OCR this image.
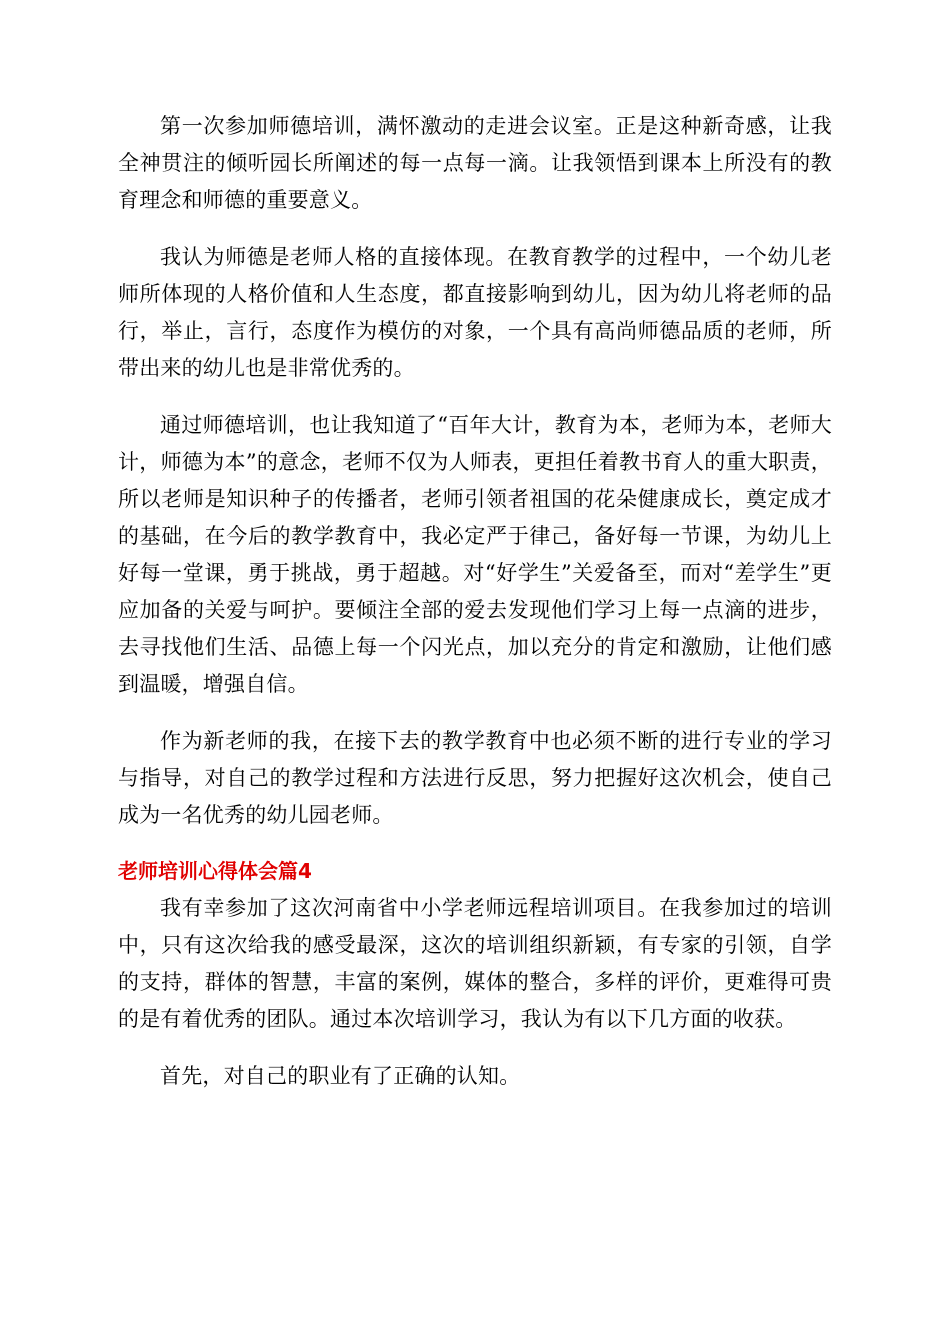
第一次参加师德培训，满怀激动的走进会议室。正是这种新奇感，让我全神贯注的倾听园长所阐述的每一点每一滴。让我领悟到课本上所没有的教育理念和师德的重要意义。

我认为师德是老师人格的直接体现。在教育教学的过程中，一个幼儿老师所体现的人格价值和人生态度，都直接影响到幼儿，因为幼儿将老师的品行，举止，言行，态度作为模仿的对象，一个具有高尚师德品质的老师，所带出来的幼儿也是非常优秀的。

通过师德培训，也让我知道了“百年大计，教育为本，老师为本，老师大计，师德为本”的意念，老师不仅为人师表，更担任着教书育人的重大职责，所以老师是知识种子的传播者，老师引领者祖国的花朵健康成长，奠定成才的基础，在今后的教学教育中，我必定严于律己，备好每一节课，为幼儿上好每一堂课，勇于挑战，勇于超越。对“好学生”关爱备至，而对“差学生”更应加备的关爱与呵护。要倾注全部的爱去发现他们学习上每一点滴的进步，去寻找他们生活、品德上每一个闪光点，加以充分的肯定和激励，让他们感到温暖，增强自信。

作为新老师的我，在接下去的教学教育中也必须不断的进行专业的学习与指导，对自己的教学过程和方法进行反思，努力把握好这次机会，使自己成为一名优秀的幼儿园老师。

老师培训心得体会篇4

我有幸参加了这次河南省中小学老师远程培训项目。在我参加过的培训中，只有这次给我的感受最深，这次的培训组织新颖，有专家的引领，自学的支持，群体的智慧，丰富的案例，媒体的整合，多样的评价，更难得可贵的是有着优秀的团队。通过本次培训学习，我认为有以下几方面的收获。

首先，对自己的职业有了正确的认知。
